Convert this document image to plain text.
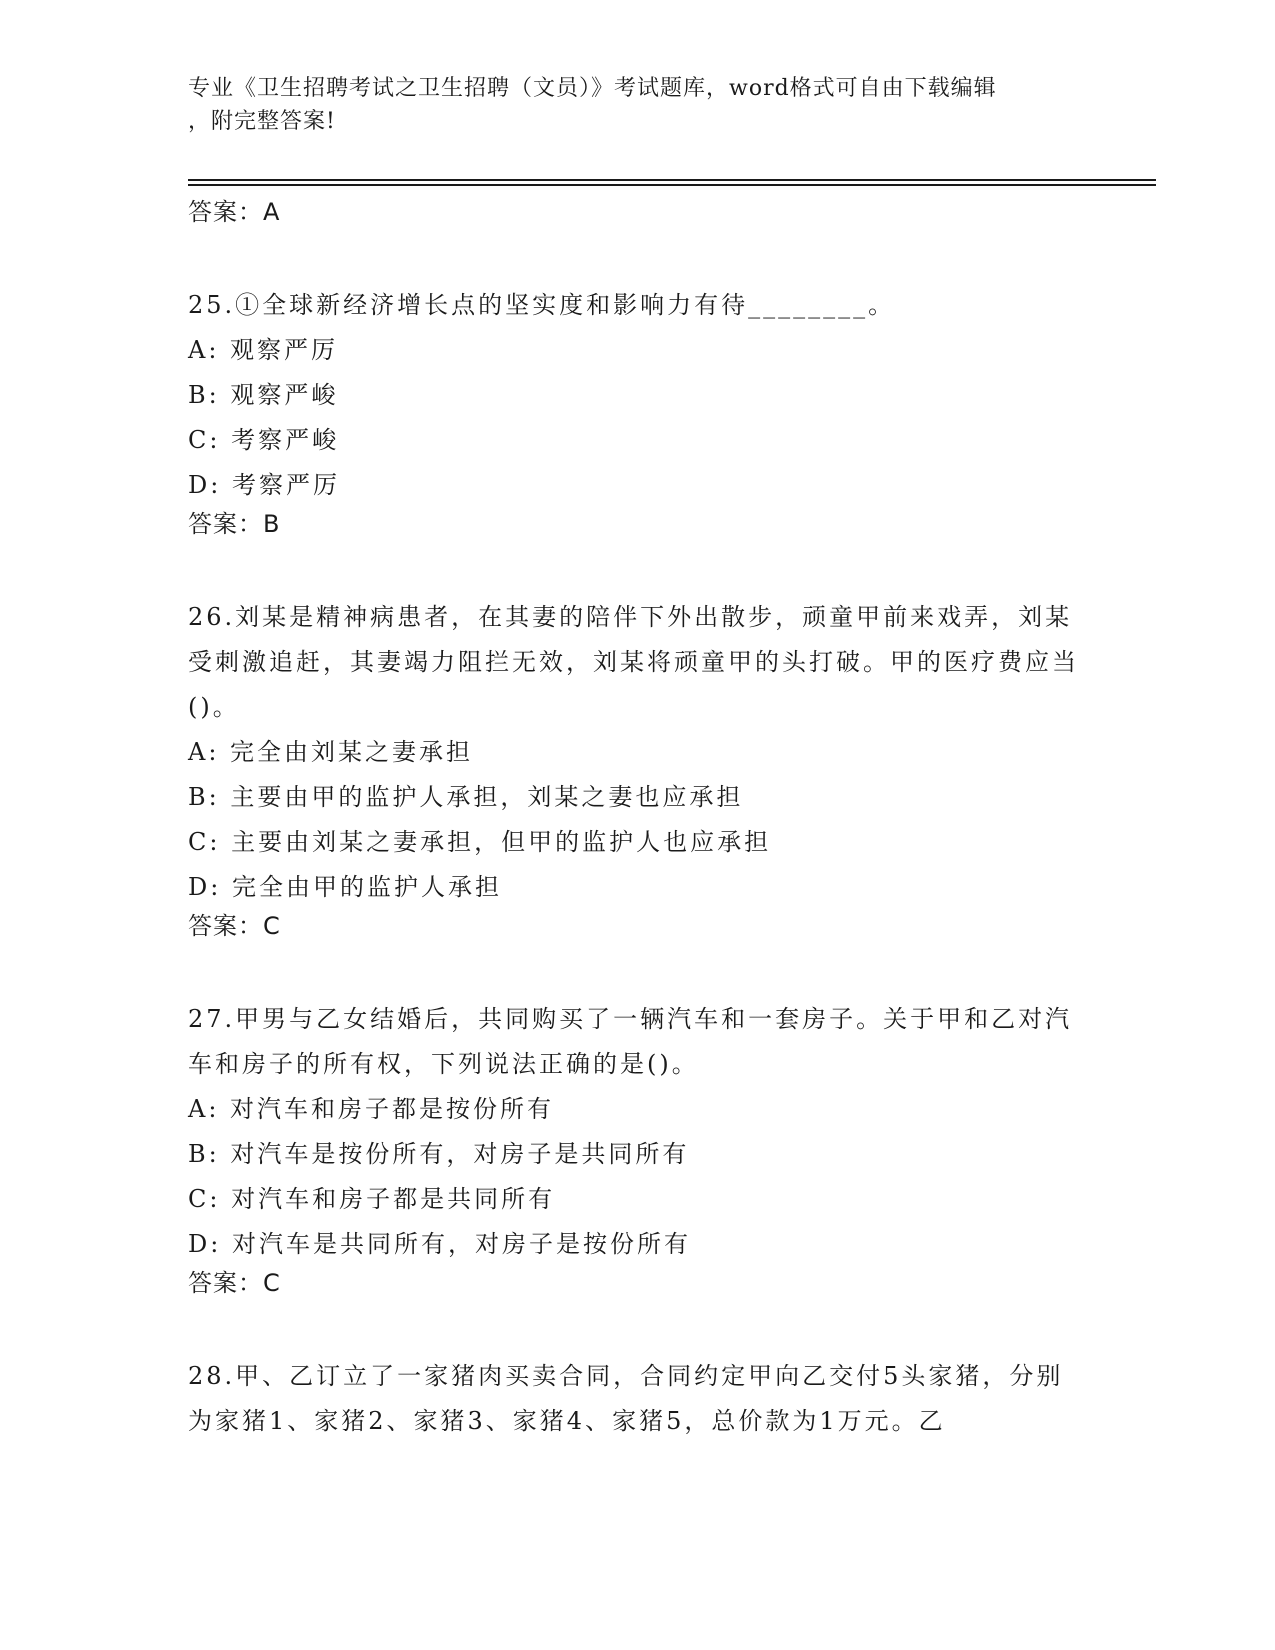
专业《卫生招聘考试之卫生招聘（文员）》考试题库，word格式可自由下载编辑
，附完整答案!

答案：A

25.①全球新经济增长点的坚实度和影响力有待________。

A: 观察严厉

B: 观察严峻

C: 考察严峻

D: 考察严厉

答案：B

26.刘某是精神病患者，在其妻的陪伴下外出散步，顽童甲前来戏弄，刘某受刺激追赶，其妻竭力阻拦无效，刘某将顽童甲的头打破。甲的医疗费应当()。

A: 完全由刘某之妻承担

B: 主要由甲的监护人承担，刘某之妻也应承担

C: 主要由刘某之妻承担，但甲的监护人也应承担

D: 完全由甲的监护人承担

答案：C

27.甲男与乙女结婚后，共同购买了一辆汽车和一套房子。关于甲和乙对汽车和房子的所有权，下列说法正确的是()。

A: 对汽车和房子都是按份所有

B: 对汽车是按份所有，对房子是共同所有

C: 对汽车和房子都是共同所有

D: 对汽车是共同所有，对房子是按份所有

答案：C

28.甲、乙订立了一家猪肉买卖合同，合同约定甲向乙交付5头家猪，分别为家猪1、家猪2、家猪3、家猪4、家猪5，总价款为1万元。乙
